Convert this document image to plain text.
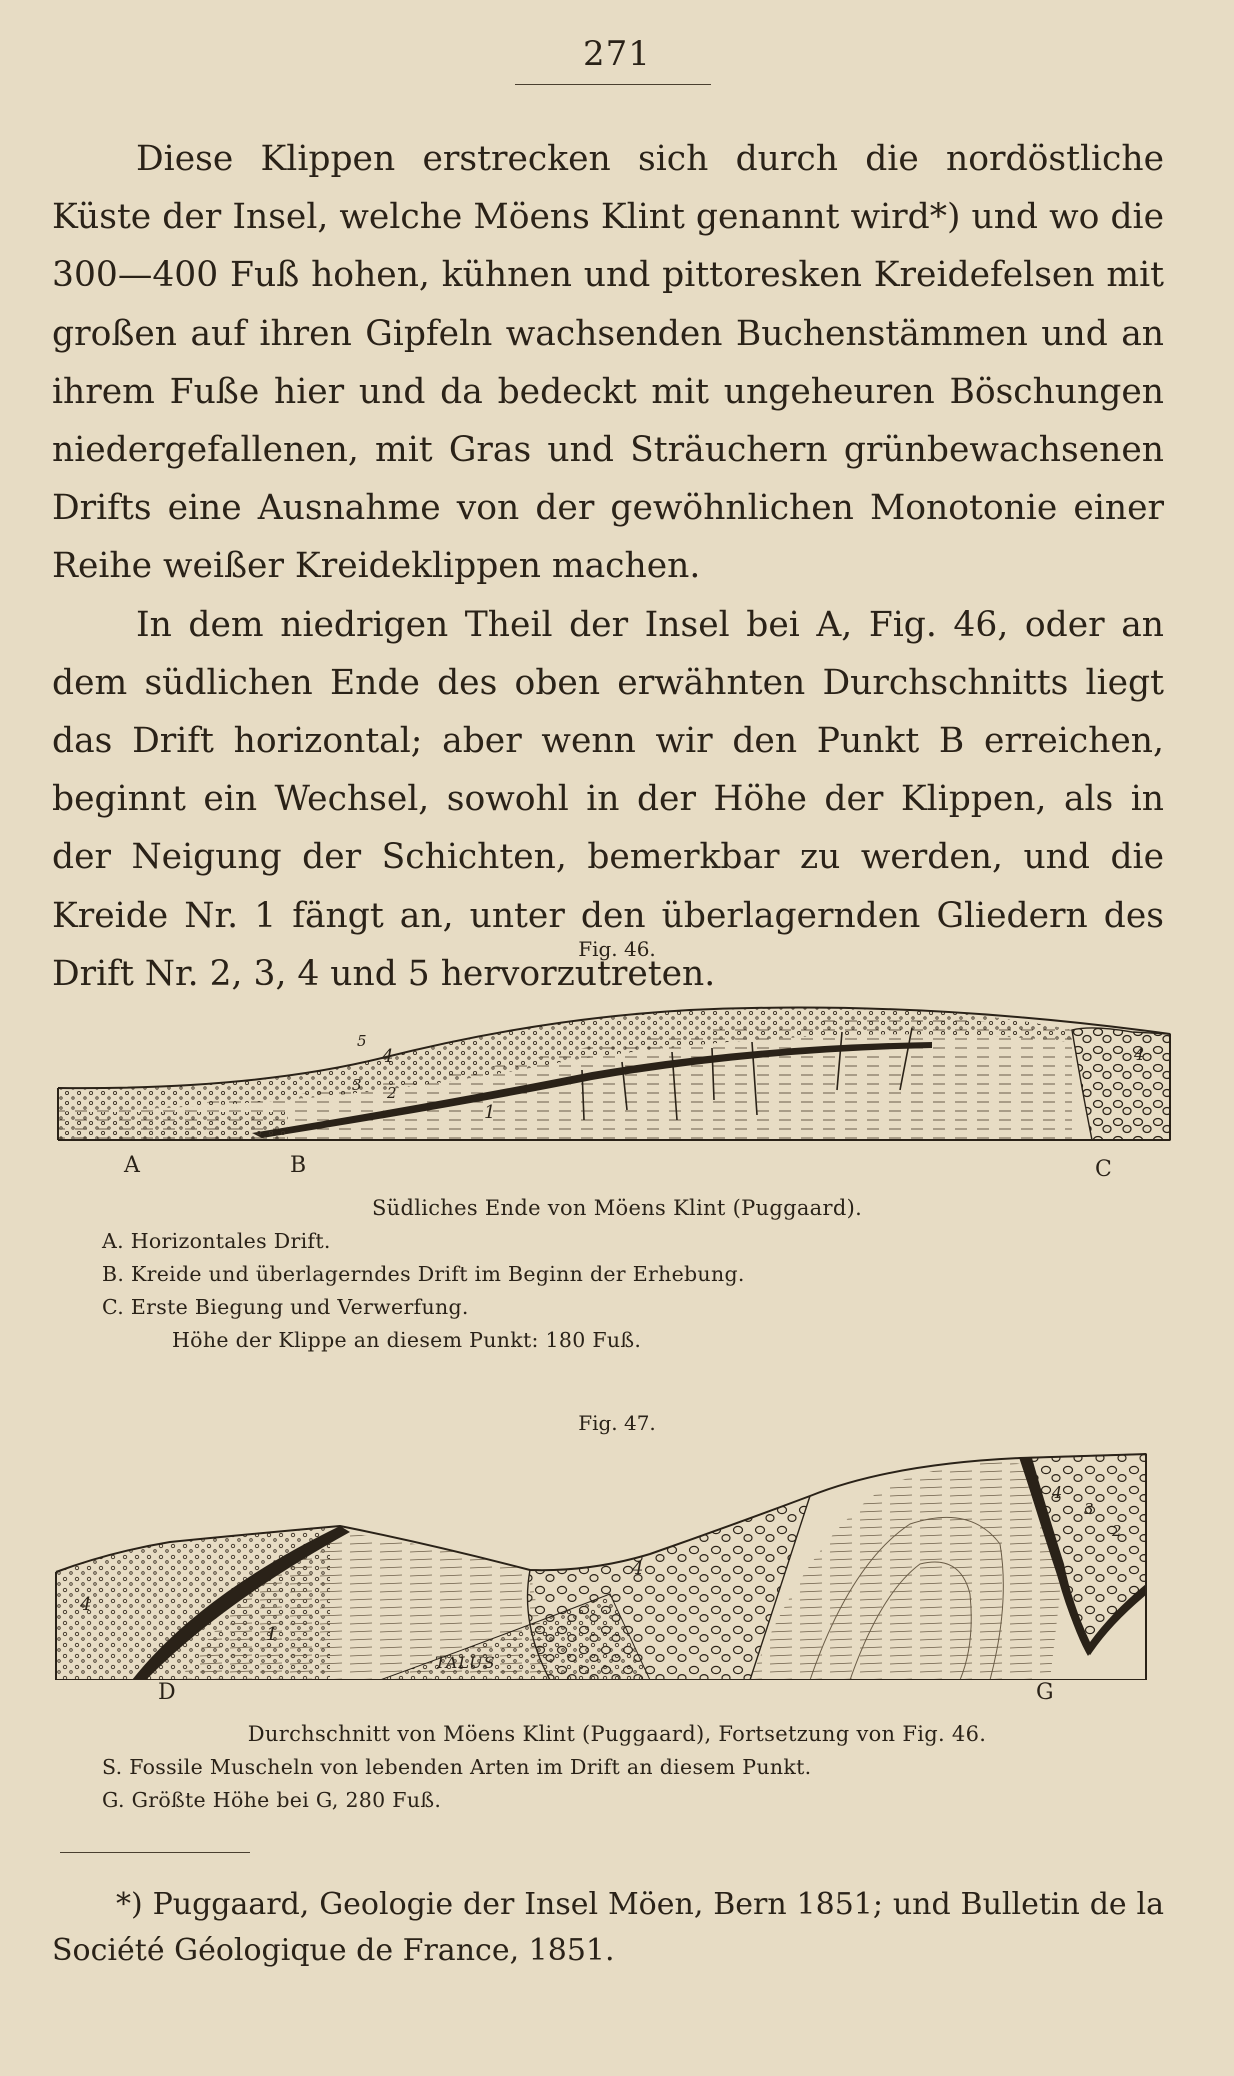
271

Diese Klippen erstrecken sich durch die nordöstliche Küste der Insel, welche Möens Klint genannt wird*) und wo die 300—400 Fuß hohen, kühnen und pittoresken Kreidefelsen mit großen auf ihren Gipfeln wachsenden Buchenstämmen und an ihrem Fuße hier und da bedeckt mit ungeheuren Böschungen niedergefallenen, mit Gras und Sträuchern grünbewachsenen Drifts eine Ausnahme von der gewöhnlichen Monotonie einer Reihe weißer Kreideklippen machen.

In dem niedrigen Theil der Insel bei A, Fig. 46, oder an dem südlichen Ende des oben erwähnten Durchschnitts liegt das Drift horizontal; aber wenn wir den Punkt B erreichen, beginnt ein Wechsel, sowohl in der Höhe der Klippen, als in der Neigung der Schichten, bemerkbar zu werden, und die Kreide Nr. 1 fängt an, unter den überlagernden Gliedern des Drift Nr. 2, 3, 4 und 5 hervorzutreten.

Fig. 46.
1
2
3
4
5
4
A	B	C
Südliches Ende von Möens Klint (Puggaard).
A. Horizontales Drift.
B. Kreide und überlagerndes Drift im Beginn der Erhebung.
C. Erste Biegung und Verwerfung.
Höhe der Klippe an diesem Punkt: 180 Fuß.
Fig. 47.
TALUS
4
1
4
4
3
2
D	G
Durchschnitt von Möens Klint (Puggaard), Fortsetzung von Fig. 46.
S. Fossile Muscheln von lebenden Arten im Drift an diesem Punkt.
G. Größte Höhe bei G, 280 Fuß.

*) Puggaard, Geologie der Insel Möen, Bern 1851; und Bulletin de la Société Géologique de France, 1851.
